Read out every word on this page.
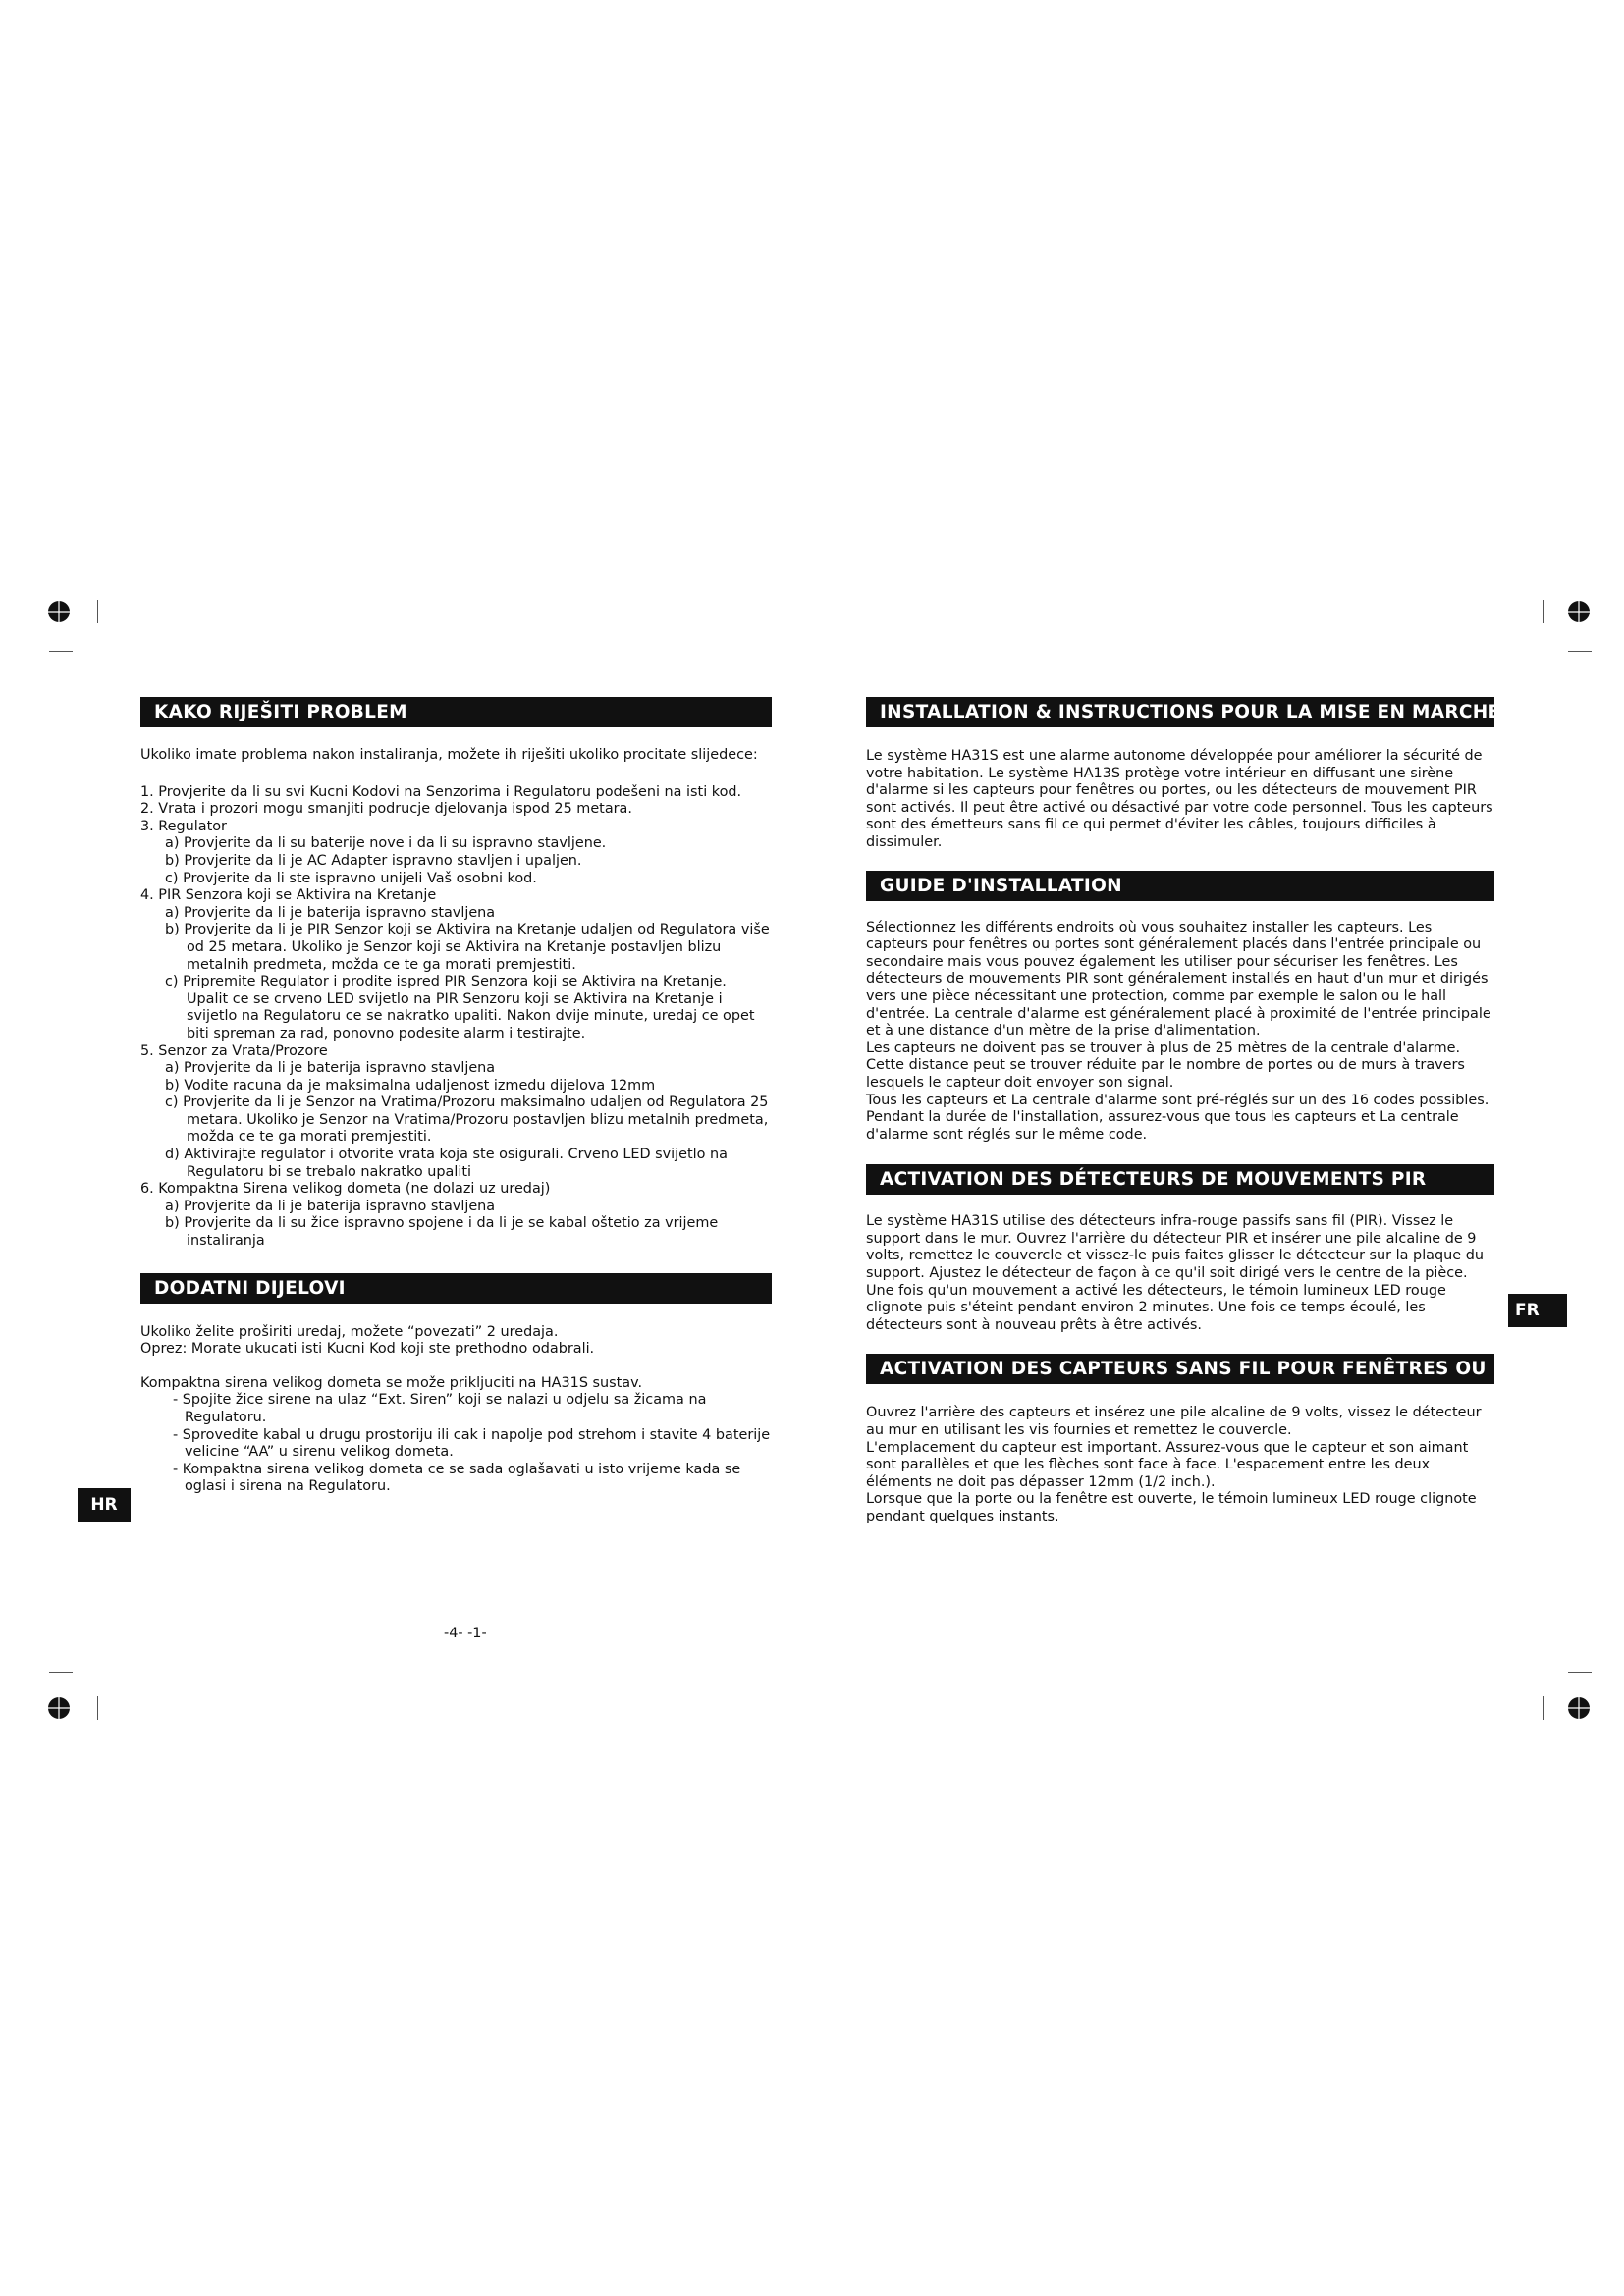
KAKO RIJEŠITI PROBLEM

Ukoliko imate problema nakon instaliranja, možete ih riješiti ukoliko procitate slijedece:

1. Provjerite da li su svi Kucni Kodovi na Senzorima i Regulatoru podešeni na isti kod.
2. Vrata i prozori mogu smanjiti podrucje djelovanja ispod 25 metara.
3. Regulator
a) Provjerite da li su baterije nove i da li su ispravno stavljene.
b) Provjerite da li je AC Adapter ispravno stavljen i upaljen.
c) Provjerite da li ste ispravno unijeli Vaš osobni kod.
4. PIR Senzora koji se Aktivira na Kretanje
a) Provjerite da li je baterija ispravno stavljena
b) Provjerite da li je PIR Senzor koji se Aktivira na Kretanje udaljen od Regulatora više od 25 metara. Ukoliko je Senzor koji se Aktivira na Kretanje postavljen blizu metalnih predmeta, možda ce te ga morati premjestiti.
c) Pripremite Regulator i prodite ispred PIR Senzora koji se Aktivira na Kretanje. Upalit ce se crveno LED svijetlo na PIR Senzoru koji se Aktivira na Kretanje i svijetlo na Regulatoru ce se nakratko upaliti. Nakon dvije minute, uredaj ce opet biti spreman za rad, ponovno podesite alarm i testirajte.
5. Senzor za Vrata/Prozore
a) Provjerite da li je baterija ispravno stavljena
b) Vodite racuna da je maksimalna udaljenost izmedu dijelova 12mm
c) Provjerite da li je Senzor na Vratima/Prozoru maksimalno udaljen od Regulatora 25 metara. Ukoliko je Senzor na Vratima/Prozoru postavljen blizu metalnih predmeta, možda ce te ga morati premjestiti.
d) Aktivirajte regulator i otvorite vrata koja ste osigurali. Crveno LED svijetlo na Regulatoru bi se trebalo nakratko upaliti
6. Kompaktna Sirena velikog dometa (ne dolazi uz uredaj)
a) Provjerite da li je baterija ispravno stavljena
b) Provjerite da li su žice ispravno spojene i da li je se kabal oštetio za vrijeme instaliranja
DODATNI DIJELOVI

Ukoliko želite proširiti uredaj, možete “povezati” 2 uredaja.

Oprez: Morate ukucati isti Kucni Kod koji ste prethodno odabrali.

Kompaktna sirena velikog dometa se može prikljuciti na HA31S sustav.

- Spojite žice sirene na ulaz “Ext. Siren” koji se nalazi u odjelu sa žicama na Regulatoru.
- Sprovedite kabal u drugu prostoriju ili cak i napolje pod strehom i stavite 4 baterije velicine “AA” u sirenu velikog dometa.
- Kompaktna sirena velikog dometa ce se sada oglašavati u isto vrijeme kada se oglasi i sirena na Regulatoru.
HR
-4- -1-
INSTALLATION & INSTRUCTIONS POUR LA MISE EN MARCHE

Le système HA31S est une alarme autonome développée pour améliorer la sécurité de votre habitation. Le système HA13S protège votre intérieur en diffusant une sirène d'alarme si les capteurs pour fenêtres ou portes, ou les détecteurs de mouvement PIR sont activés. Il peut être activé ou désactivé par votre code personnel. Tous les capteurs sont des émetteurs sans fil ce qui permet d'éviter les câbles, toujours difficiles à dissimuler.

GUIDE D'INSTALLATION

Sélectionnez les différents endroits où vous souhaitez installer les capteurs. Les capteurs pour fenêtres ou portes sont généralement placés dans l'entrée principale ou secondaire mais vous pouvez également les utiliser pour sécuriser les fenêtres. Les détecteurs de mouvements PIR sont généralement installés en haut d'un mur et dirigés vers une pièce nécessitant une protection, comme par exemple le salon ou le hall d'entrée. La centrale d'alarme est généralement placé à proximité de l'entrée principale et à une distance d'un mètre de la prise d'alimentation.

Les capteurs ne doivent pas se trouver à plus de 25 mètres de la centrale d'alarme. Cette distance peut se trouver réduite par le nombre de portes ou de murs à travers lesquels le capteur doit envoyer son signal.

Tous les capteurs et La centrale d'alarme sont pré-réglés sur un des 16 codes possibles. Pendant la durée de l'installation, assurez-vous que tous les capteurs et La centrale d'alarme sont réglés sur le même code.

ACTIVATION DES DÉTECTEURS DE MOUVEMENTS PIR

Le système HA31S utilise des détecteurs infra-rouge passifs sans fil (PIR). Vissez le support dans le mur. Ouvrez l'arrière du détecteur PIR et insérer une pile alcaline de 9 volts, remettez le couvercle et vissez-le puis faites glisser le détecteur sur la plaque du support. Ajustez le détecteur de façon à ce qu'il soit dirigé vers le centre de la pièce.

Une fois qu'un mouvement a activé les détecteurs, le témoin lumineux LED rouge clignote puis s'éteint pendant environ 2 minutes. Une fois ce temps écoulé, les détecteurs sont à nouveau prêts à être activés.

ACTIVATION DES CAPTEURS SANS FIL POUR FENÊTRES OU PORTES

Ouvrez l'arrière des capteurs et insérez une pile alcaline de 9 volts, vissez le détecteur au mur en utilisant les vis fournies et remettez le couvercle.

L'emplacement du capteur est important. Assurez-vous que le capteur et son aimant sont parallèles et que les flèches sont face à face. L'espacement entre les deux éléments ne doit pas dépasser 12mm (1/2 inch.).

Lorsque que la porte ou la fenêtre est ouverte, le témoin lumineux LED rouge clignote pendant quelques instants.

FR
